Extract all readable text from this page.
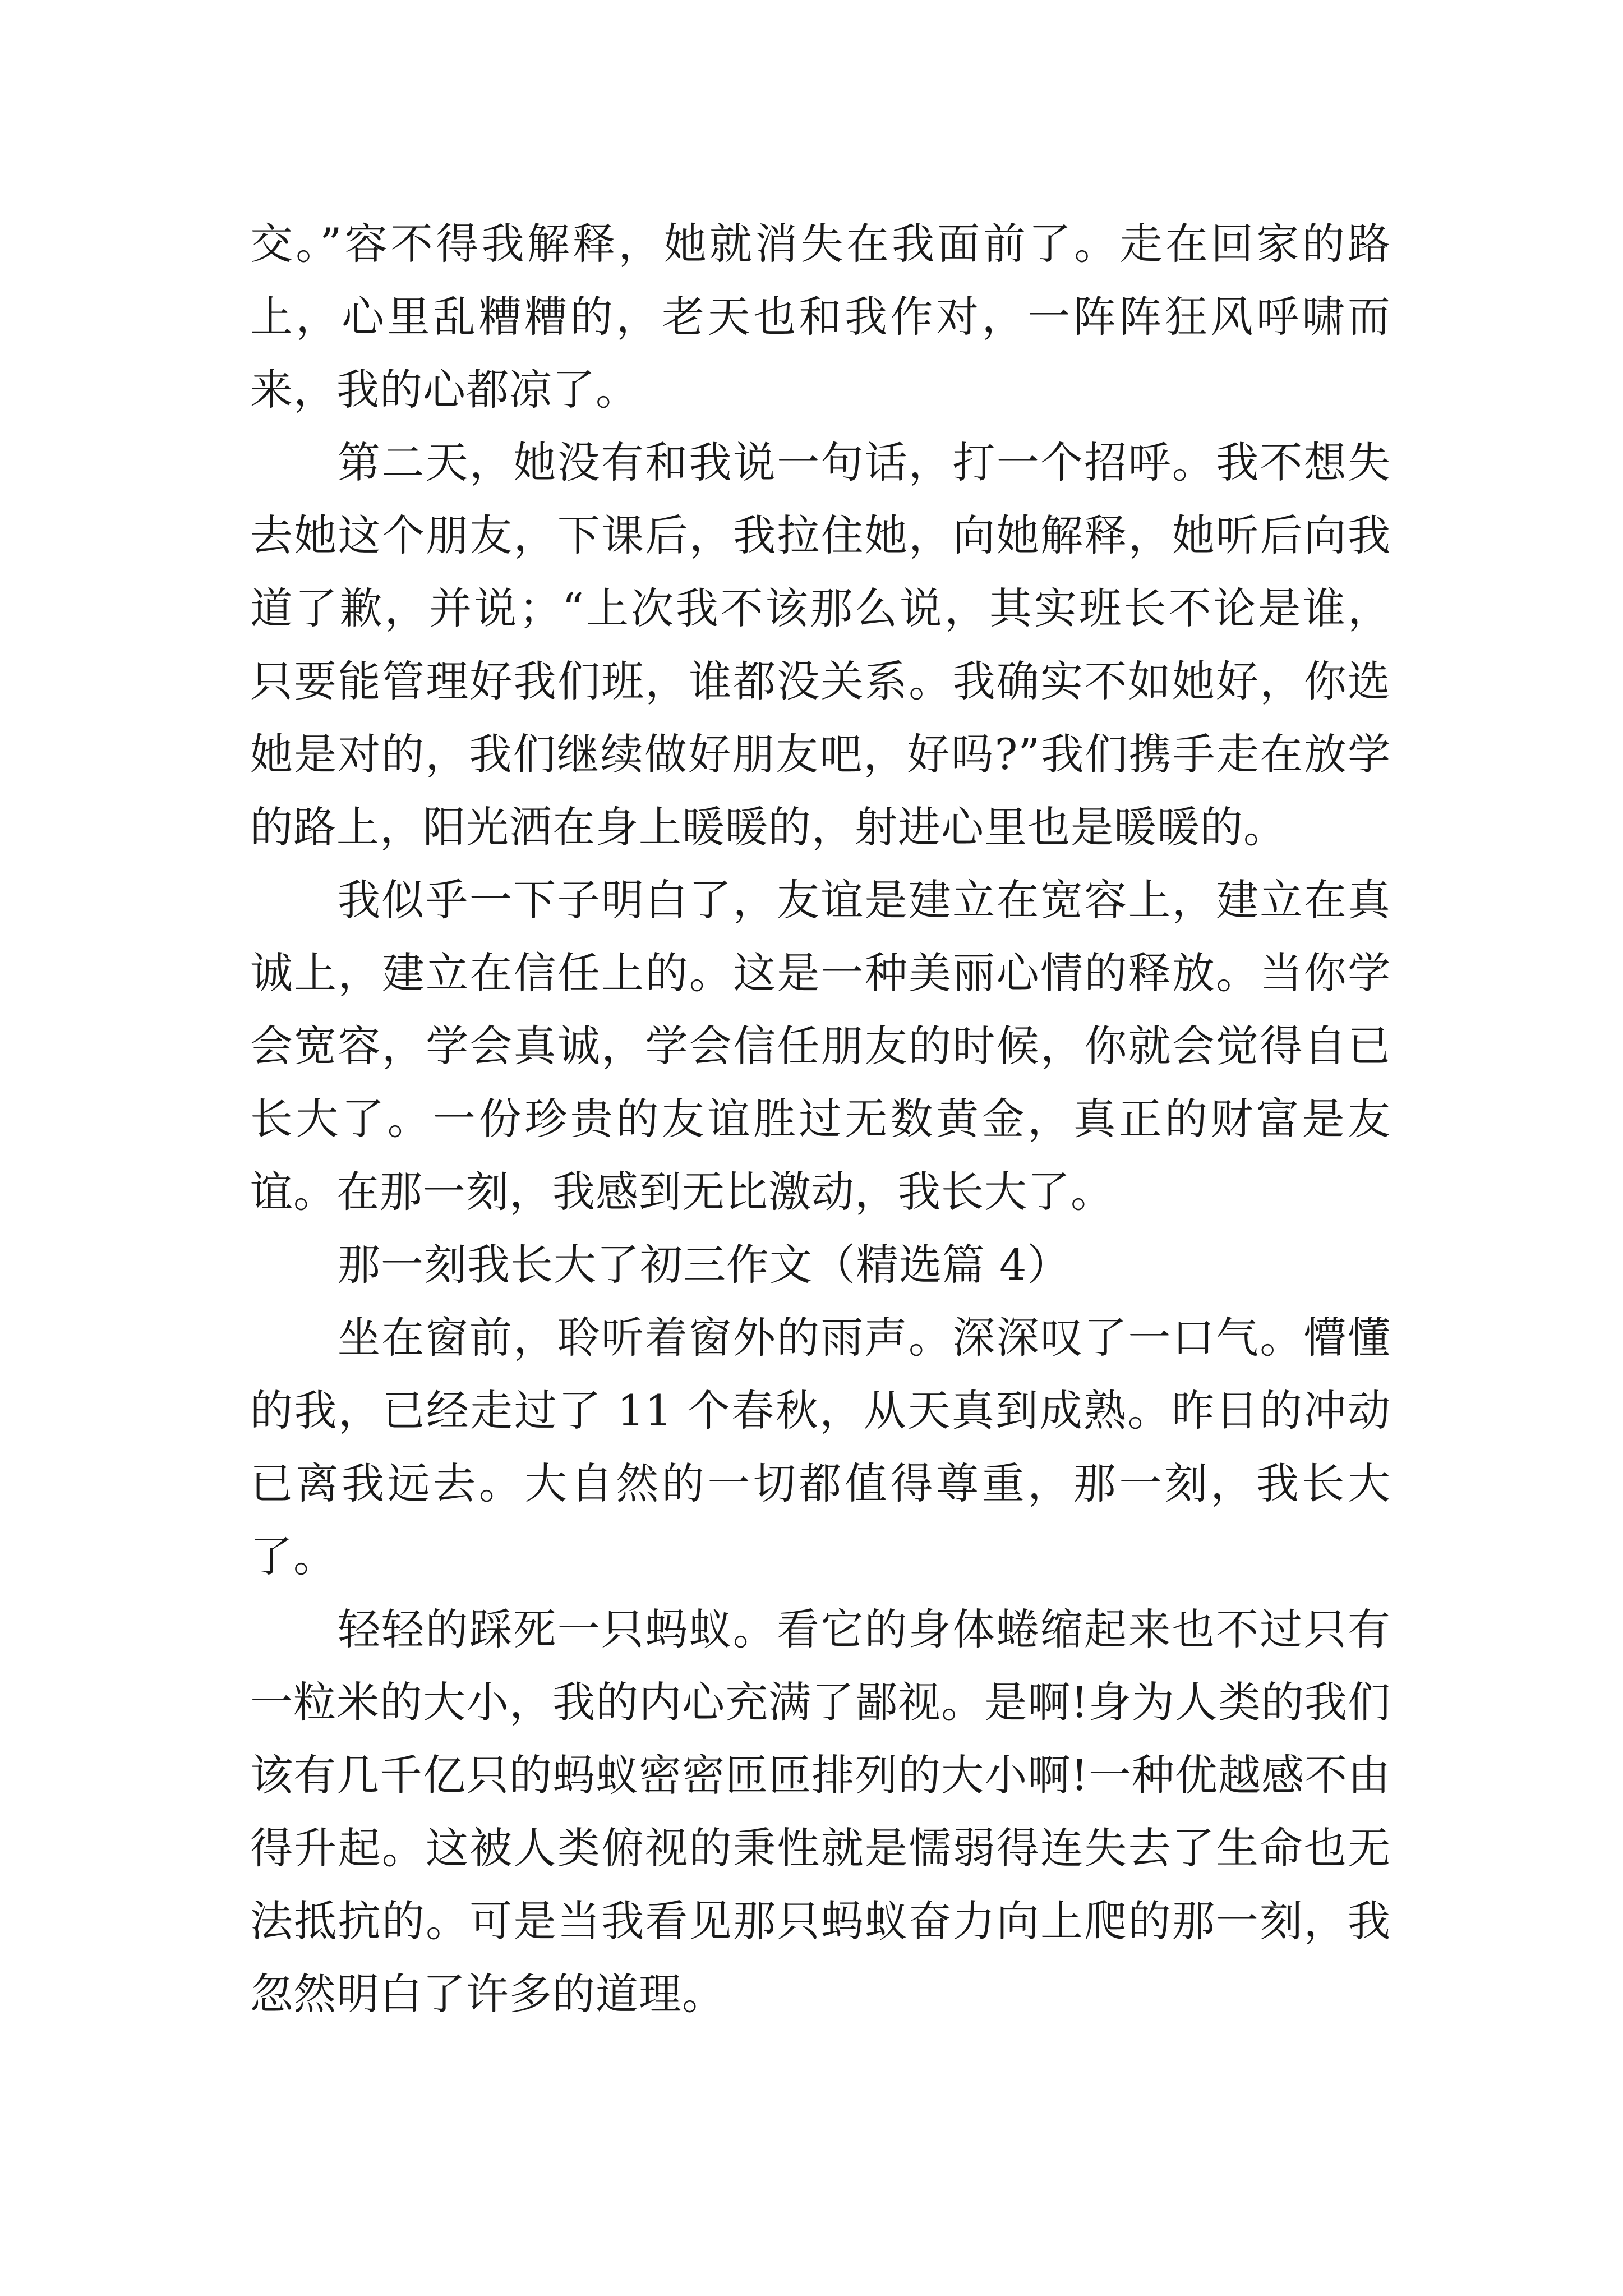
交。”容不得我解释，她就消失在我面前了。走在回家的路上，心里乱糟糟的，老天也和我作对，一阵阵狂风呼啸而来，我的心都凉了。

第二天，她没有和我说一句话，打一个招呼。我不想失去她这个朋友，下课后，我拉住她，向她解释，她听后向我道了歉，并说；“上次我不该那么说，其实班长不论是谁，只要能管理好我们班，谁都没关系。我确实不如她好，你选她是对的，我们继续做好朋友吧，好吗?”我们携手走在放学的路上，阳光洒在身上暖暖的，射进心里也是暖暖的。

我似乎一下子明白了，友谊是建立在宽容上，建立在真诚上，建立在信任上的。这是一种美丽心情的释放。当你学会宽容，学会真诚，学会信任朋友的时候，你就会觉得自已长大了。一份珍贵的友谊胜过无数黄金，真正的财富是友谊。在那一刻，我感到无比激动，我长大了。

那一刻我长大了初三作文（精选篇 4）

坐在窗前，聆听着窗外的雨声。深深叹了一口气。懵懂的我，已经走过了 11 个春秋，从天真到成熟。昨日的冲动已离我远去。大自然的一切都值得尊重，那一刻，我长大了。

轻轻的踩死一只蚂蚁。看它的身体蜷缩起来也不过只有一粒米的大小，我的内心充满了鄙视。是啊!身为人类的我们该有几千亿只的蚂蚁密密匝匝排列的大小啊!一种优越感不由得升起。这被人类俯视的秉性就是懦弱得连失去了生命也无法抵抗的。可是当我看见那只蚂蚁奋力向上爬的那一刻，我忽然明白了许多的道理。
